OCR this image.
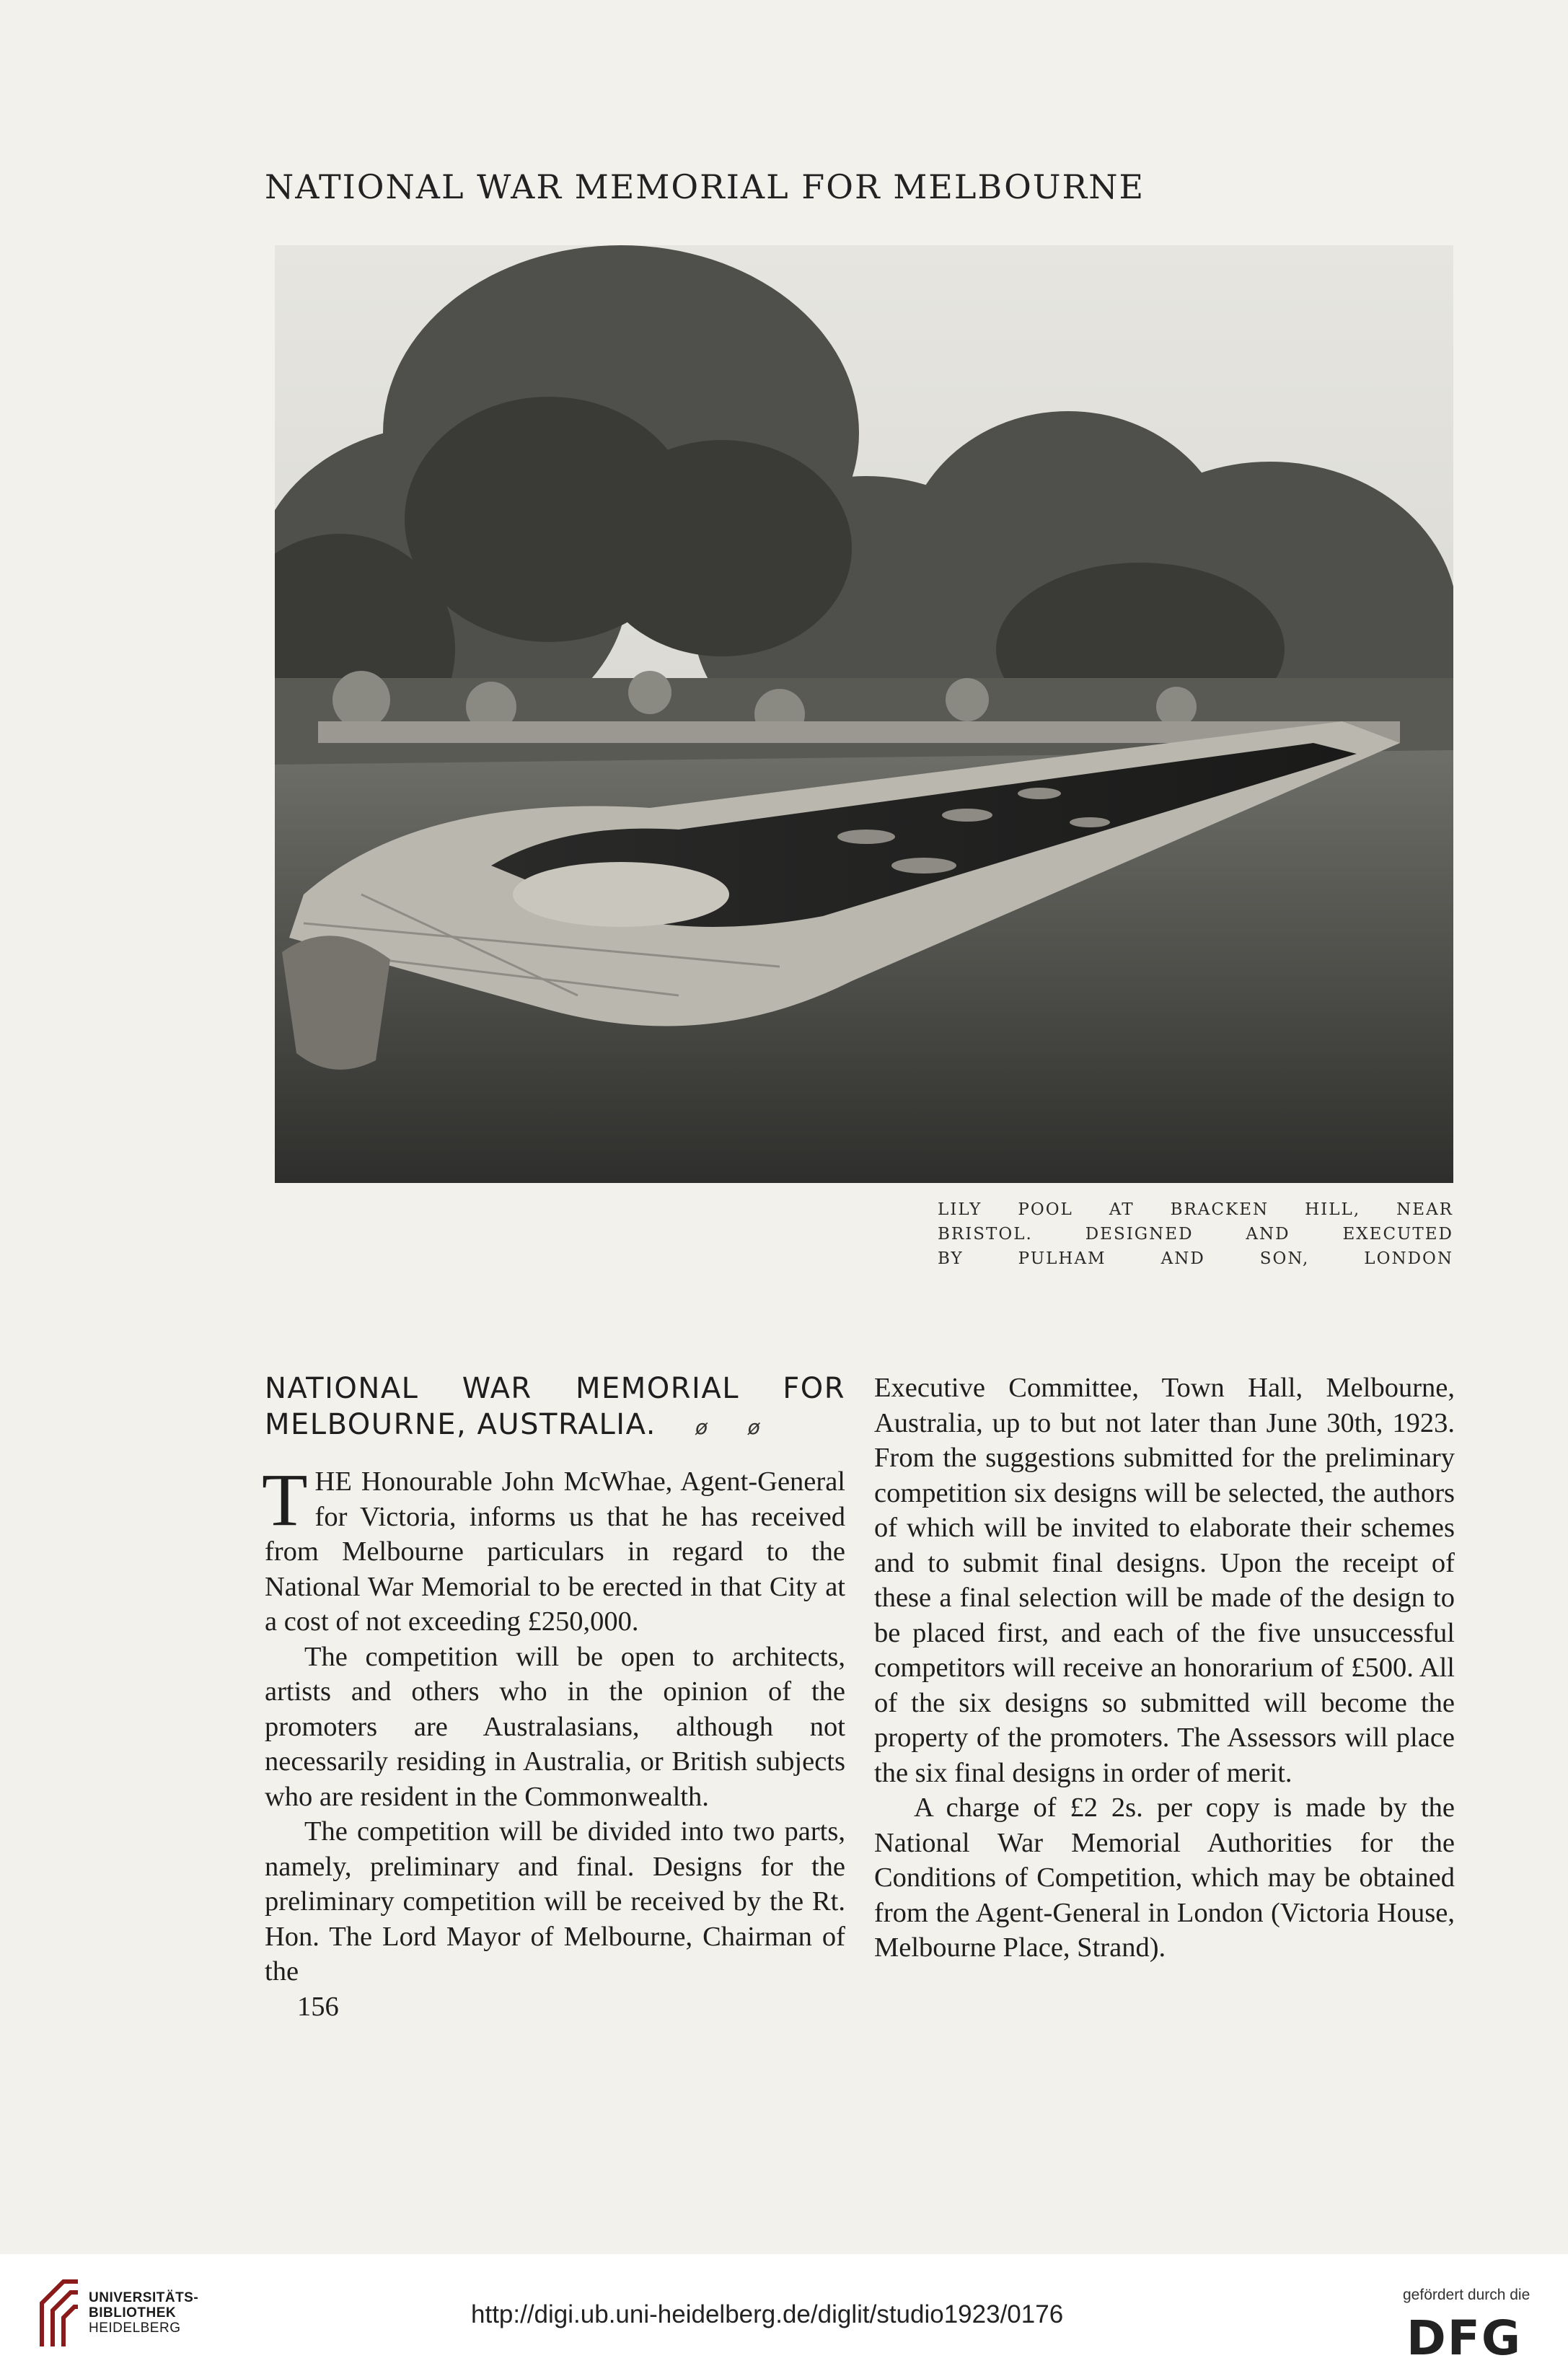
NATIONAL WAR MEMORIAL FOR MELBOURNE
LILY POOL AT BRACKEN HILL, NEAR
BRISTOL. DESIGNED AND EXECUTED
BY PULHAM AND SON, LONDON
NATIONAL WAR MEMORIAL FOR
MELBOURNE, AUSTRALIA. ø ø

THE Honourable John McWhae, Agent-General for Victoria, informs us that he has received from Melbourne particulars in regard to the National War Memorial to be erected in that City at a cost of not exceeding £250,000.

The competition will be open to architects, artists and others who in the opinion of the promoters are Australasians, although not necessarily residing in Australia, or British subjects who are resident in the Commonwealth.

The competition will be divided into two parts, namely, preliminary and final. Designs for the preliminary competition will be received by the Rt. Hon. The Lord Mayor of Melbourne, Chairman of the

156

Executive Committee, Town Hall, Melbourne, Australia, up to but not later than June 30th, 1923. From the suggestions submitted for the preliminary competition six designs will be selected, the authors of which will be invited to elaborate their schemes and to submit final designs. Upon the receipt of these a final selection will be made of the design to be placed first, and each of the five unsuccessful competitors will receive an honorarium of £500. All of the six designs so submitted will become the property of the promoters. The Assessors will place the six final designs in order of merit.

A charge of £2 2s. per copy is made by the National War Memorial Authorities for the Conditions of Competition, which may be obtained from the Agent-General in London (Victoria House, Melbourne Place, Strand).

UNIVERSITÄTS-
BIBLIOTHEK
HEIDELBERG	http://digi.ub.uni-heidelberg.de/diglit/studio1923/0176
gefördert durch die
DFG
